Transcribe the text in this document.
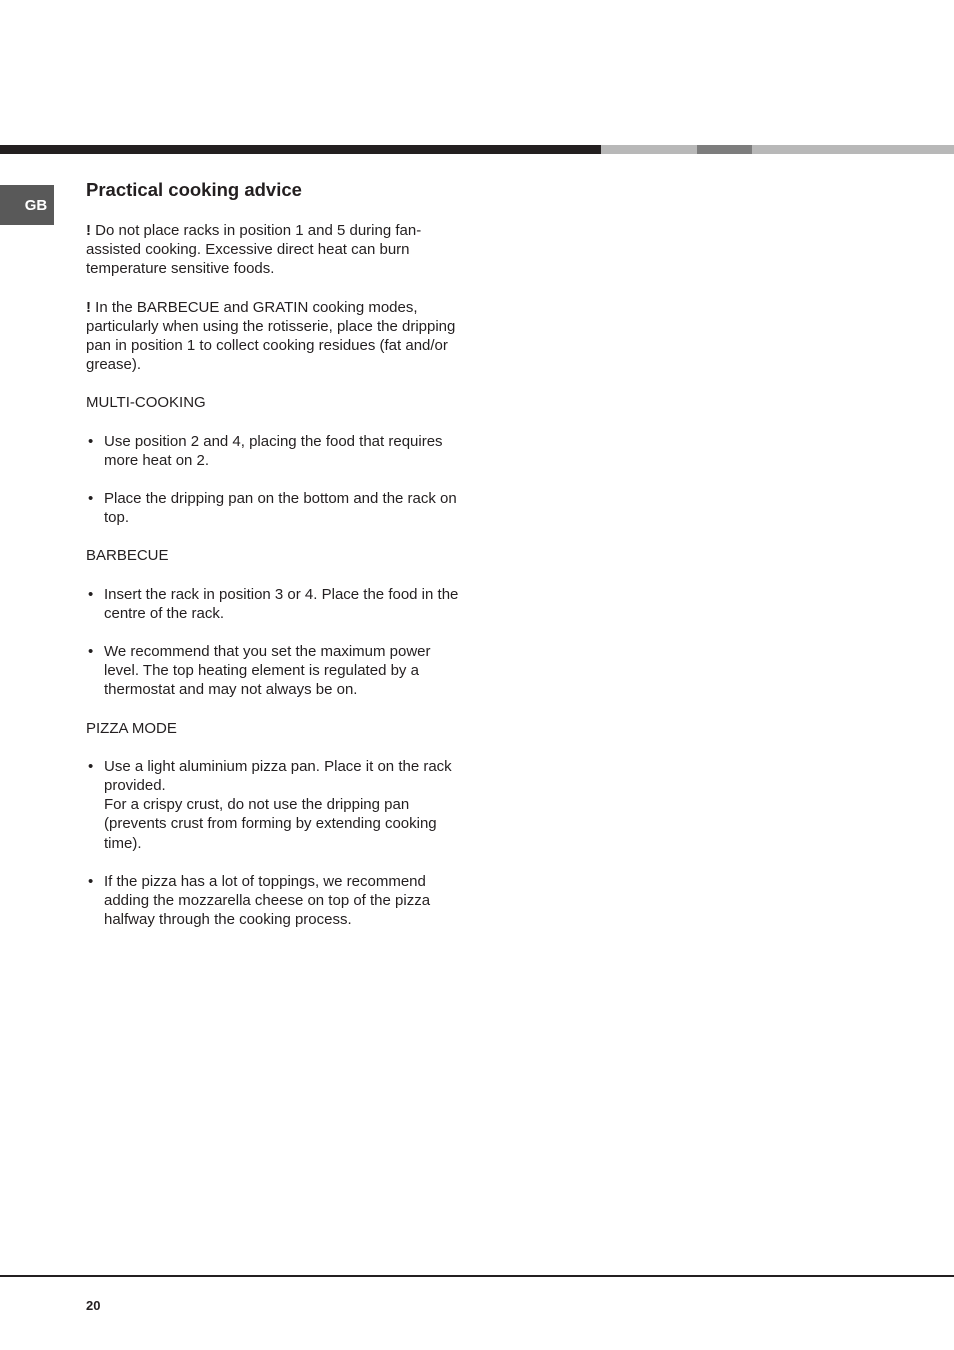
GB
Practical cooking advice

! Do not place racks in position 1 and 5 during fan-assisted cooking. Excessive direct heat can burn temperature sensitive foods.

! In the BARBECUE and GRATIN cooking modes, particularly when using the rotisserie, place the dripping pan in position 1 to collect cooking residues (fat and/or grease).

MULTI-COOKING

• Use position 2 and 4, placing the food that requires more heat on 2.
• Place the dripping pan on the bottom and the rack on top.

BARBECUE

• Insert the rack in position 3 or 4. Place the food in the centre of the rack.
• We recommend that you set the maximum power level. The top heating element is regulated by a thermostat and may not always be on.

PIZZA MODE

• Use a light aluminium pizza pan. Place it on the rack provided.
For a crispy crust, do not use the dripping pan (prevents crust from forming by extending cooking time).
• If the pizza has a lot of toppings, we recommend adding the mozzarella cheese on top of the pizza halfway through the cooking process.
20
